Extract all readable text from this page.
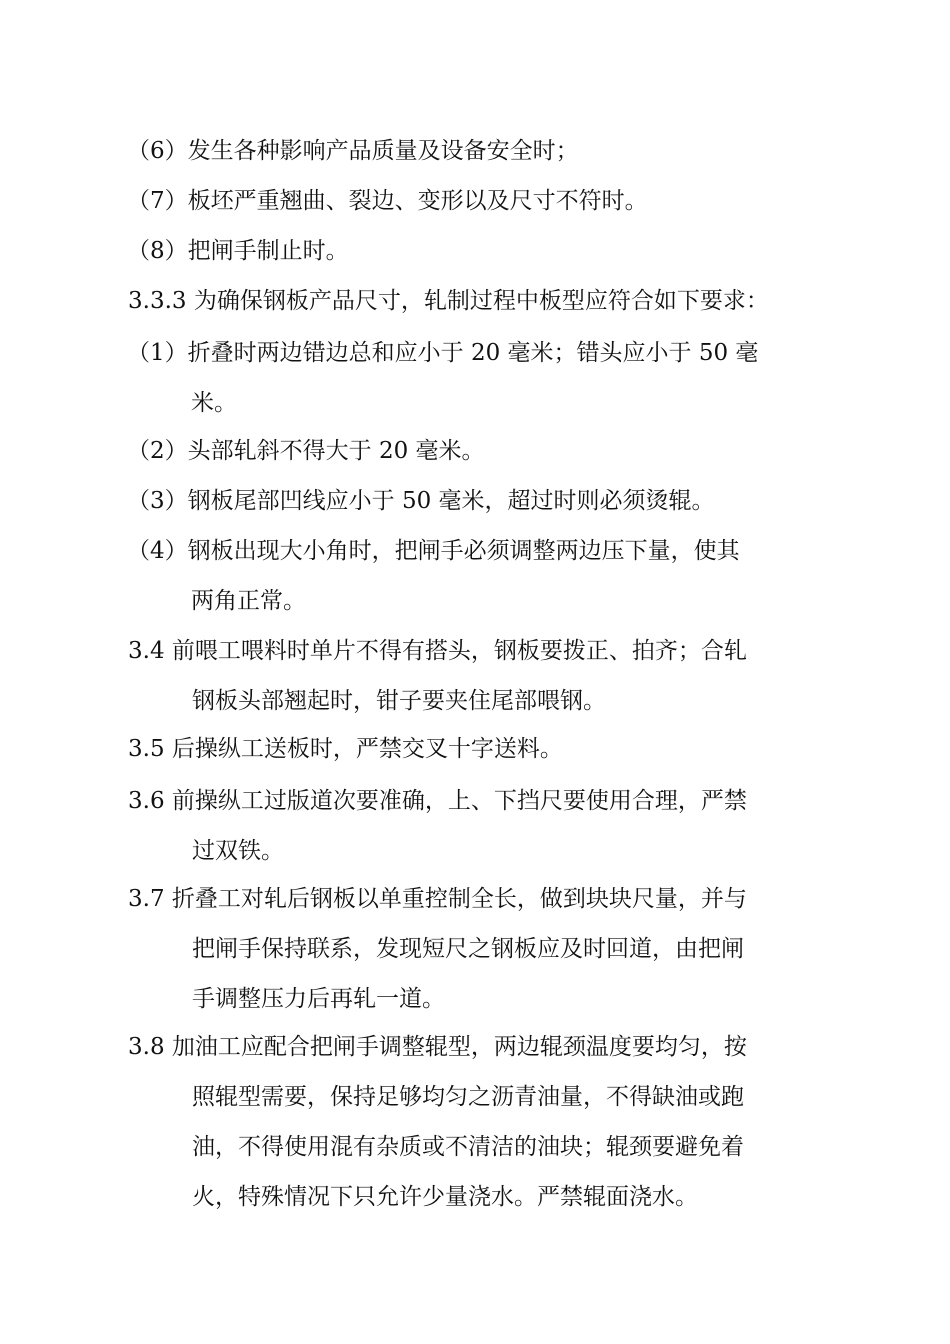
（6）发生各种影响产品质量及设备安全时；
（7）板坯严重翘曲、裂边、变形以及尺寸不符时。
（8）把闸手制止时。
3.3.3 为确保钢板产品尺寸，轧制过程中板型应符合如下要求：
（1）折叠时两边错边总和应小于 20 毫米；错头应小于 50 毫
米。
（2）头部轧斜不得大于 20 毫米。
（3）钢板尾部凹线应小于 50 毫米，超过时则必须烫辊。
（4）钢板出现大小角时，把闸手必须调整两边压下量，使其
两角正常。
3.4 前喂工喂料时单片不得有搭头，钢板要拨正、拍齐；合轧
钢板头部翘起时，钳子要夹住尾部喂钢。
3.5 后操纵工送板时，严禁交叉十字送料。
3.6 前操纵工过版道次要准确，上、下挡尺要使用合理，严禁
过双铁。
3.7 折叠工对轧后钢板以单重控制全长，做到块块尺量，并与
把闸手保持联系，发现短尺之钢板应及时回道，由把闸
手调整压力后再轧一道。
3.8 加油工应配合把闸手调整辊型，两边辊颈温度要均匀，按
照辊型需要，保持足够均匀之沥青油量，不得缺油或跑
油，不得使用混有杂质或不清洁的油块；辊颈要避免着
火，特殊情况下只允许少量浇水。严禁辊面浇水。
